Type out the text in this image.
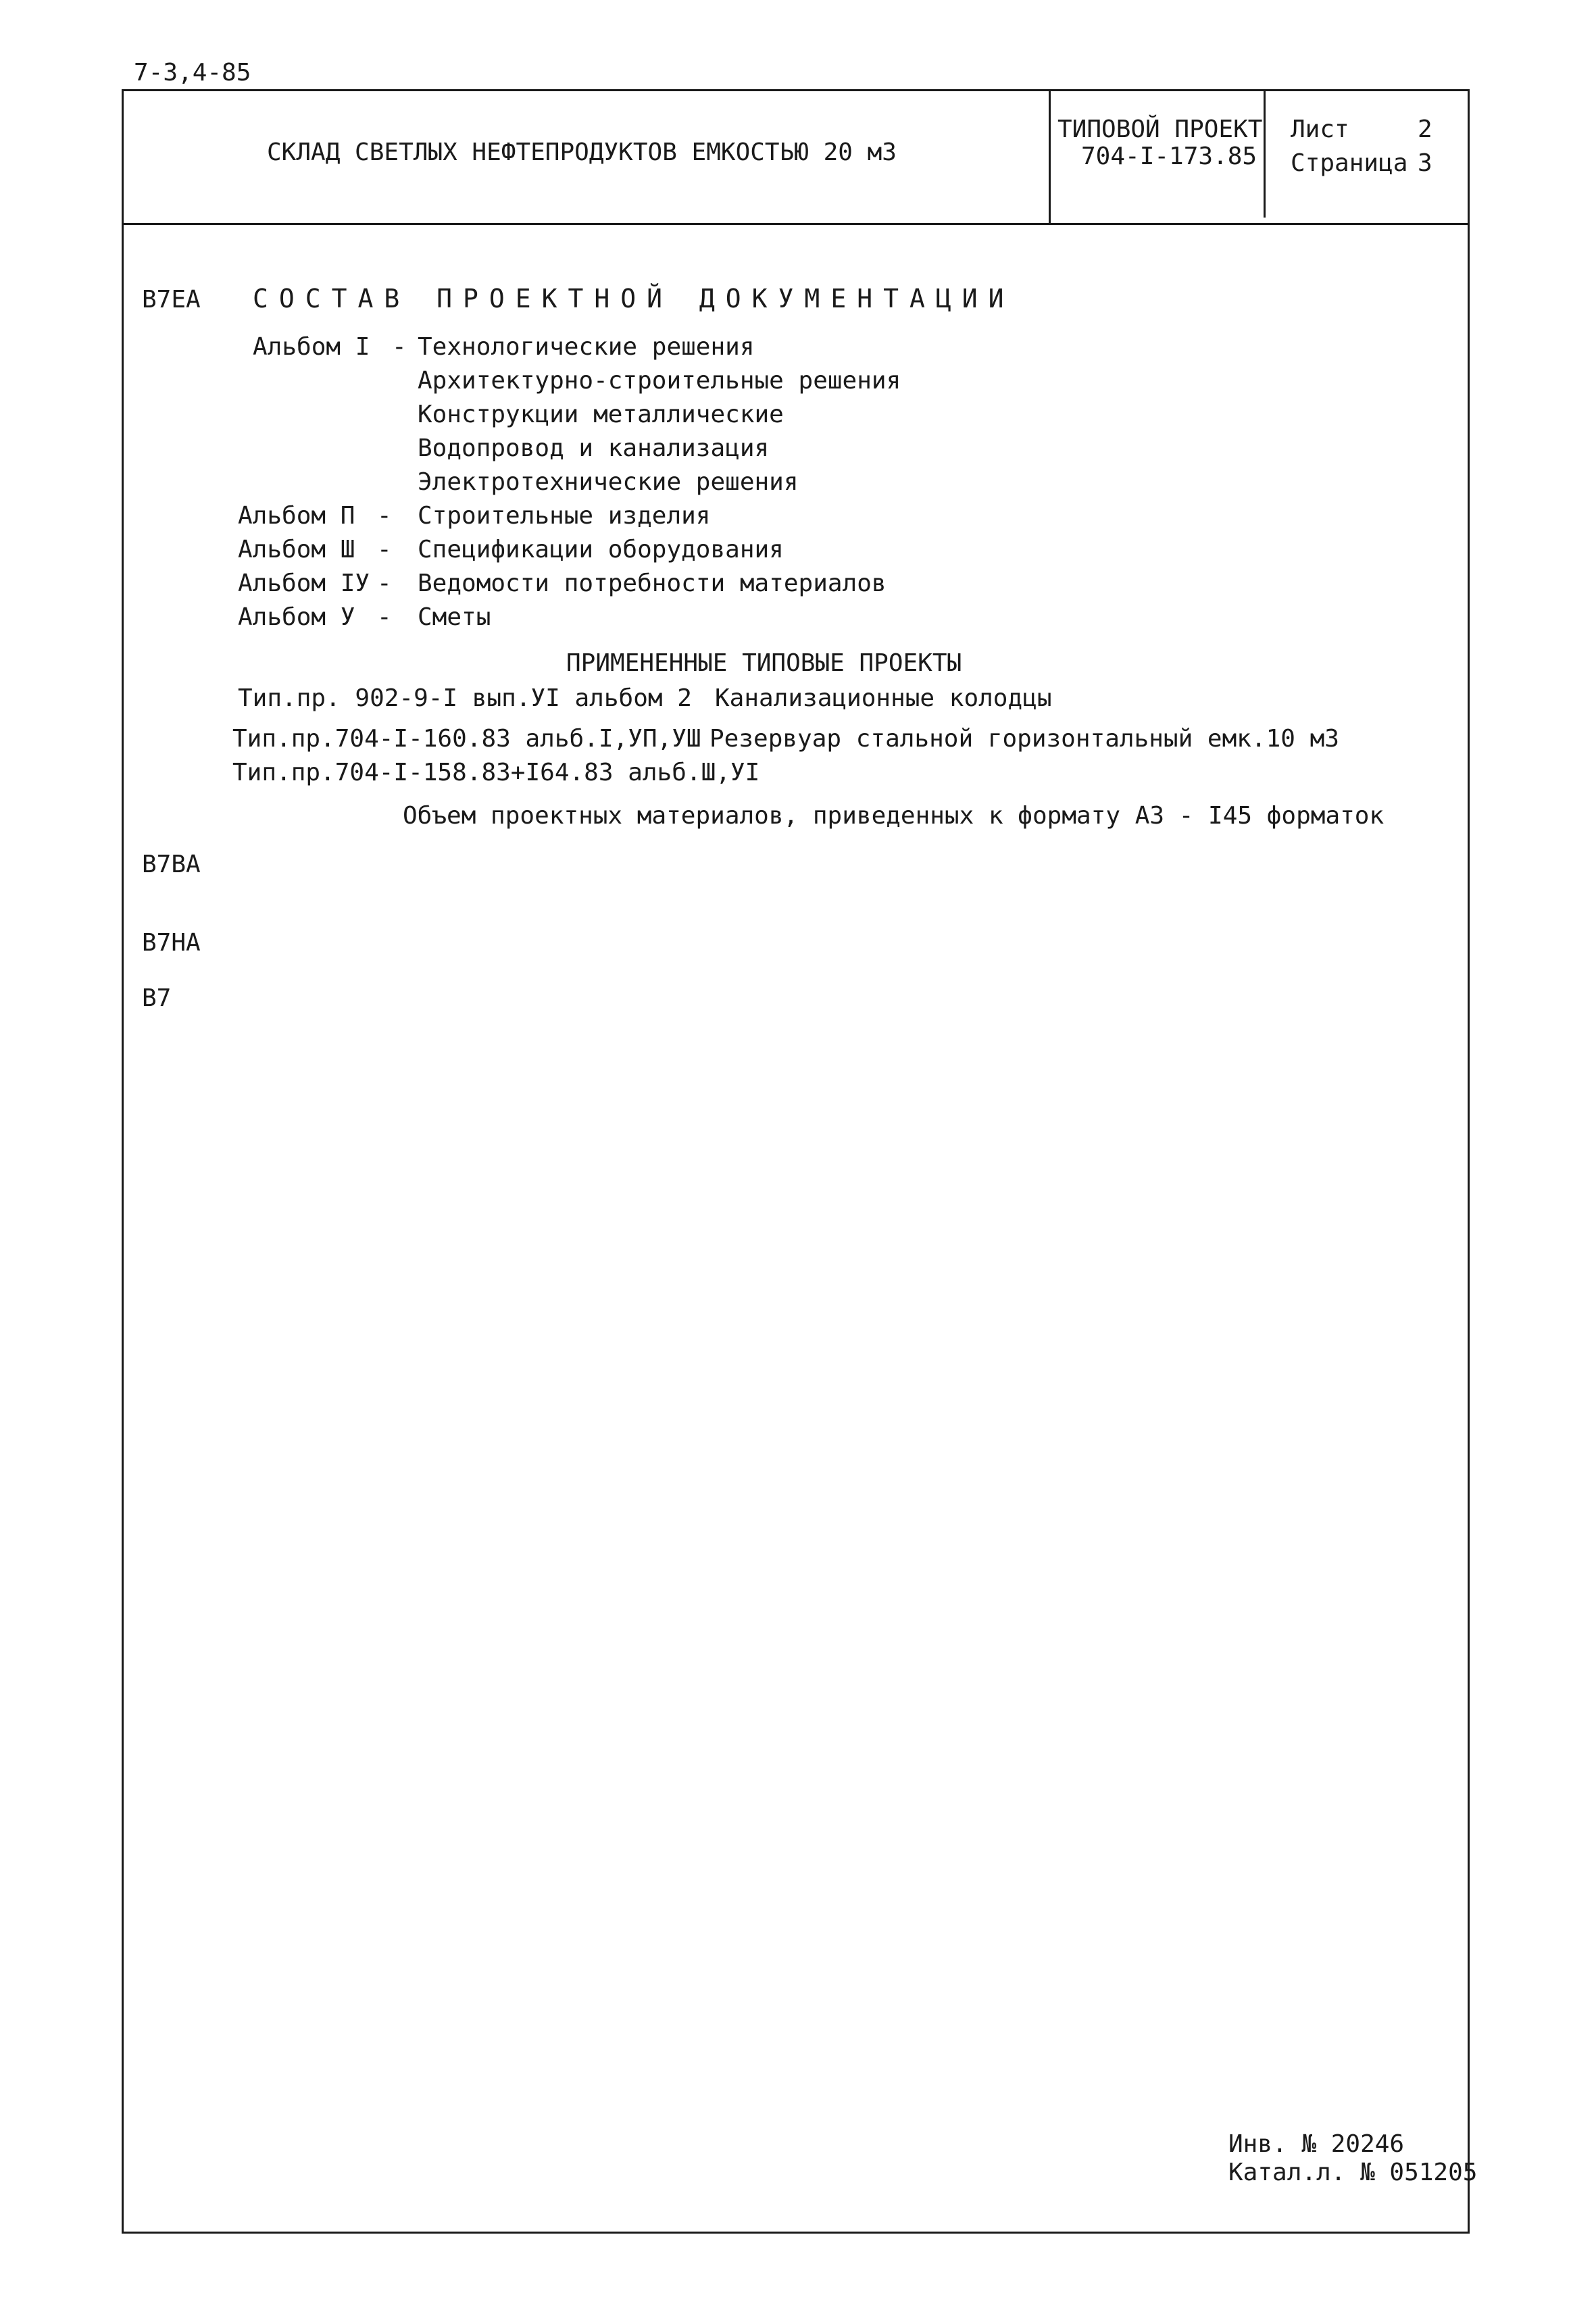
7-3,4-85
СКЛАД СВЕТЛЫХ НЕФТЕПРОДУКТОВ ЕМКОСТЬЮ 20 м3
ТИПОВОЙ ПРОЕКТ
704-I-173.85
Лист	2
Страница 3
В7ЕА СОСТАВ ПРОЕКТНОЙ ДОКУМЕНТАЦИИ
Альбом I - Технологические решения
Архитектурно-строительные решения
Конструкции металлические
Водопровод и канализация
Электротехнические решения
Альбом П - Строительные изделия
Альбом Ш - Спецификации оборудования
Альбом IУ - Ведомости потребности материалов
Альбом У - Сметы
ПРИМЕНЕННЫЕ ТИПОВЫЕ ПРОЕКТЫ
Тип.пр. 902-9-I вып.УI альбом 2 Канализационные колодцы
Тип.пр.704-I-160.83 альб.I,УП,УШ Резервуар стальной горизонтальный емк.10 м3
Тип.пр.704-I-158.83+I64.83 альб.Ш,УI
Объем проектных материалов, приведенных к формату А3 - I45 форматок
В7ВА
В7НА
В7
Инв. № 20246
Катал.л. № 051205
